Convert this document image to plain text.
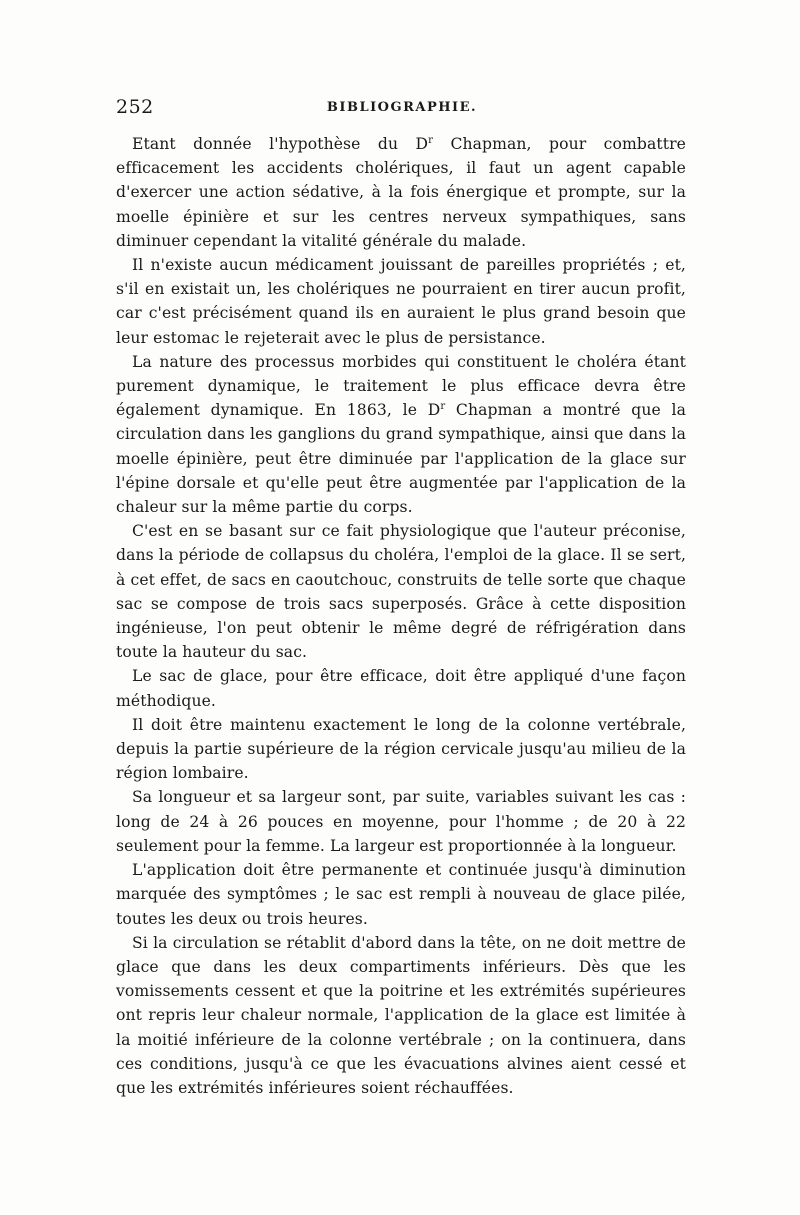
252	BIBLIOGRAPHIE.

Etant donnée l'hypothèse du $D^r$ Chapman, pour combattre efficacement les accidents cholériques, il faut un agent capable d'exercer une action sédative, à la fois énergique et prompte, sur la moelle épinière et sur les centres nerveux sympathiques, sans diminuer cependant la vitalité générale du malade.

Il n'existe aucun médicament jouissant de pareilles propriétés ; et, s'il en existait un, les cholériques ne pourraient en tirer aucun profit, car c'est précisément quand ils en auraient le plus grand besoin que leur estomac le rejeterait avec le plus de persistance.

La nature des processus morbides qui constituent le choléra étant purement dynamique, le traitement le plus efficace devra être également dynamique. En 1863, le $D^r$ Chapman a montré que la circulation dans les ganglions du grand sympathique, ainsi que dans la moelle épinière, peut être diminuée par l'application de la glace sur l'épine dorsale et qu'elle peut être augmentée par l'application de la chaleur sur la même partie du corps.

C'est en se basant sur ce fait physiologique que l'auteur préconise, dans la période de collapsus du choléra, l'emploi de la glace. Il se sert, à cet effet, de sacs en caoutchouc, construits de telle sorte que chaque sac se compose de trois sacs superposés. Grâce à cette disposition ingénieuse, l'on peut obtenir le même degré de réfrigération dans toute la hauteur du sac.

Le sac de glace, pour être efficace, doit être appliqué d'une façon méthodique.

Il doit être maintenu exactement le long de la colonne vertébrale, depuis la partie supérieure de la région cervicale jusqu'au milieu de la région lombaire.

Sa longueur et sa largeur sont, par suite, variables suivant les cas : long de 24 à 26 pouces en moyenne, pour l'homme ; de 20 à 22 seulement pour la femme. La largeur est proportionnée à la longueur.

L'application doit être permanente et continuée jusqu'à diminution marquée des symptômes ; le sac est rempli à nouveau de glace pilée, toutes les deux ou trois heures.

Si la circulation se rétablit d'abord dans la tête, on ne doit mettre de glace que dans les deux compartiments inférieurs. Dès que les vomissements cessent et que la poitrine et les extrémités supérieures ont repris leur chaleur normale, l'application de la glace est limitée à la moitié inférieure de la colonne vertébrale ; on la continuera, dans ces conditions, jusqu'à ce que les évacuations alvines aient cessé et que les extrémités inférieures soient réchauffées.
